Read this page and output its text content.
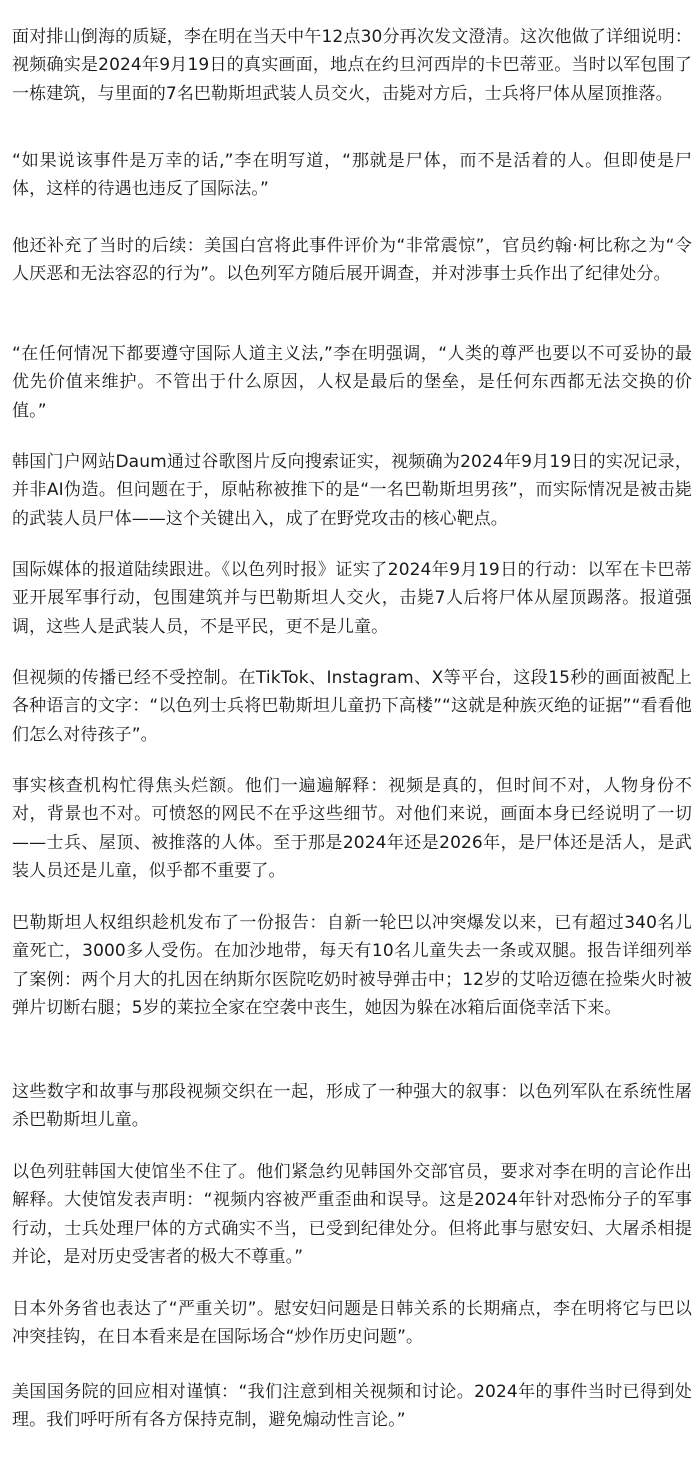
面对排山倒海的质疑，李在明在当天中午12点30分再次发文澄清。这次他做了详细说明：视频确实是2024年9月19日的真实画面，地点在约旦河西岸的卡巴蒂亚。当时以军包围了一栋建筑，与里面的7名巴勒斯坦武装人员交火，击毙对方后，士兵将尸体从屋顶推落。

“如果说该事件是万幸的话,”李在明写道，“那就是尸体，而不是活着的人。但即使是尸体，这样的待遇也违反了国际法。”

他还补充了当时的后续：美国白宫将此事件评价为“非常震惊”，官员约翰·柯比称之为“令人厌恶和无法容忍的行为”。以色列军方随后展开调查，并对涉事士兵作出了纪律处分。

“在任何情况下都要遵守国际人道主义法,”李在明强调，“人类的尊严也要以不可妥协的最优先价值来维护。不管出于什么原因，人权是最后的堡垒，是任何东西都无法交换的价值。”

韩国门户网站Daum通过谷歌图片反向搜索证实，视频确为2024年9月19日的实况记录，并非AI伪造。但问题在于，原帖称被推下的是“一名巴勒斯坦男孩”，而实际情况是被击毙的武装人员尸体——这个关键出入，成了在野党攻击的核心靶点。

国际媒体的报道陆续跟进。《以色列时报》证实了2024年9月19日的行动：以军在卡巴蒂亚开展军事行动，包围建筑并与巴勒斯坦人交火，击毙7人后将尸体从屋顶踢落。报道强调，这些人是武装人员，不是平民，更不是儿童。

但视频的传播已经不受控制。在TikTok、Instagram、X等平台，这段15秒的画面被配上各种语言的文字：“以色列士兵将巴勒斯坦儿童扔下高楼”“这就是种族灭绝的证据”“看看他们怎么对待孩子”。

事实核查机构忙得焦头烂额。他们一遍遍解释：视频是真的，但时间不对，人物身份不对，背景也不对。可愤怒的网民不在乎这些细节。对他们来说，画面本身已经说明了一切——士兵、屋顶、被推落的人体。至于那是2024年还是2026年，是尸体还是活人，是武装人员还是儿童，似乎都不重要了。

巴勒斯坦人权组织趁机发布了一份报告：自新一轮巴以冲突爆发以来，已有超过340名儿童死亡，3000多人受伤。在加沙地带，每天有10名儿童失去一条或双腿。报告详细列举了案例：两个月大的扎因在纳斯尔医院吃奶时被导弹击中；12岁的艾哈迈德在捡柴火时被弹片切断右腿；5岁的莱拉全家在空袭中丧生，她因为躲在冰箱后面侥幸活下来。

这些数字和故事与那段视频交织在一起，形成了一种强大的叙事：以色列军队在系统性屠杀巴勒斯坦儿童。

以色列驻韩国大使馆坐不住了。他们紧急约见韩国外交部官员，要求对李在明的言论作出解释。大使馆发表声明：“视频内容被严重歪曲和误导。这是2024年针对恐怖分子的军事行动，士兵处理尸体的方式确实不当，已受到纪律处分。但将此事与慰安妇、大屠杀相提并论，是对历史受害者的极大不尊重。”

日本外务省也表达了“严重关切”。慰安妇问题是日韩关系的长期痛点，李在明将它与巴以冲突挂钩，在日本看来是在国际场合“炒作历史问题”。

美国国务院的回应相对谨慎：“我们注意到相关视频和讨论。2024年的事件当时已得到处理。我们呼吁所有各方保持克制，避免煽动性言论。”
